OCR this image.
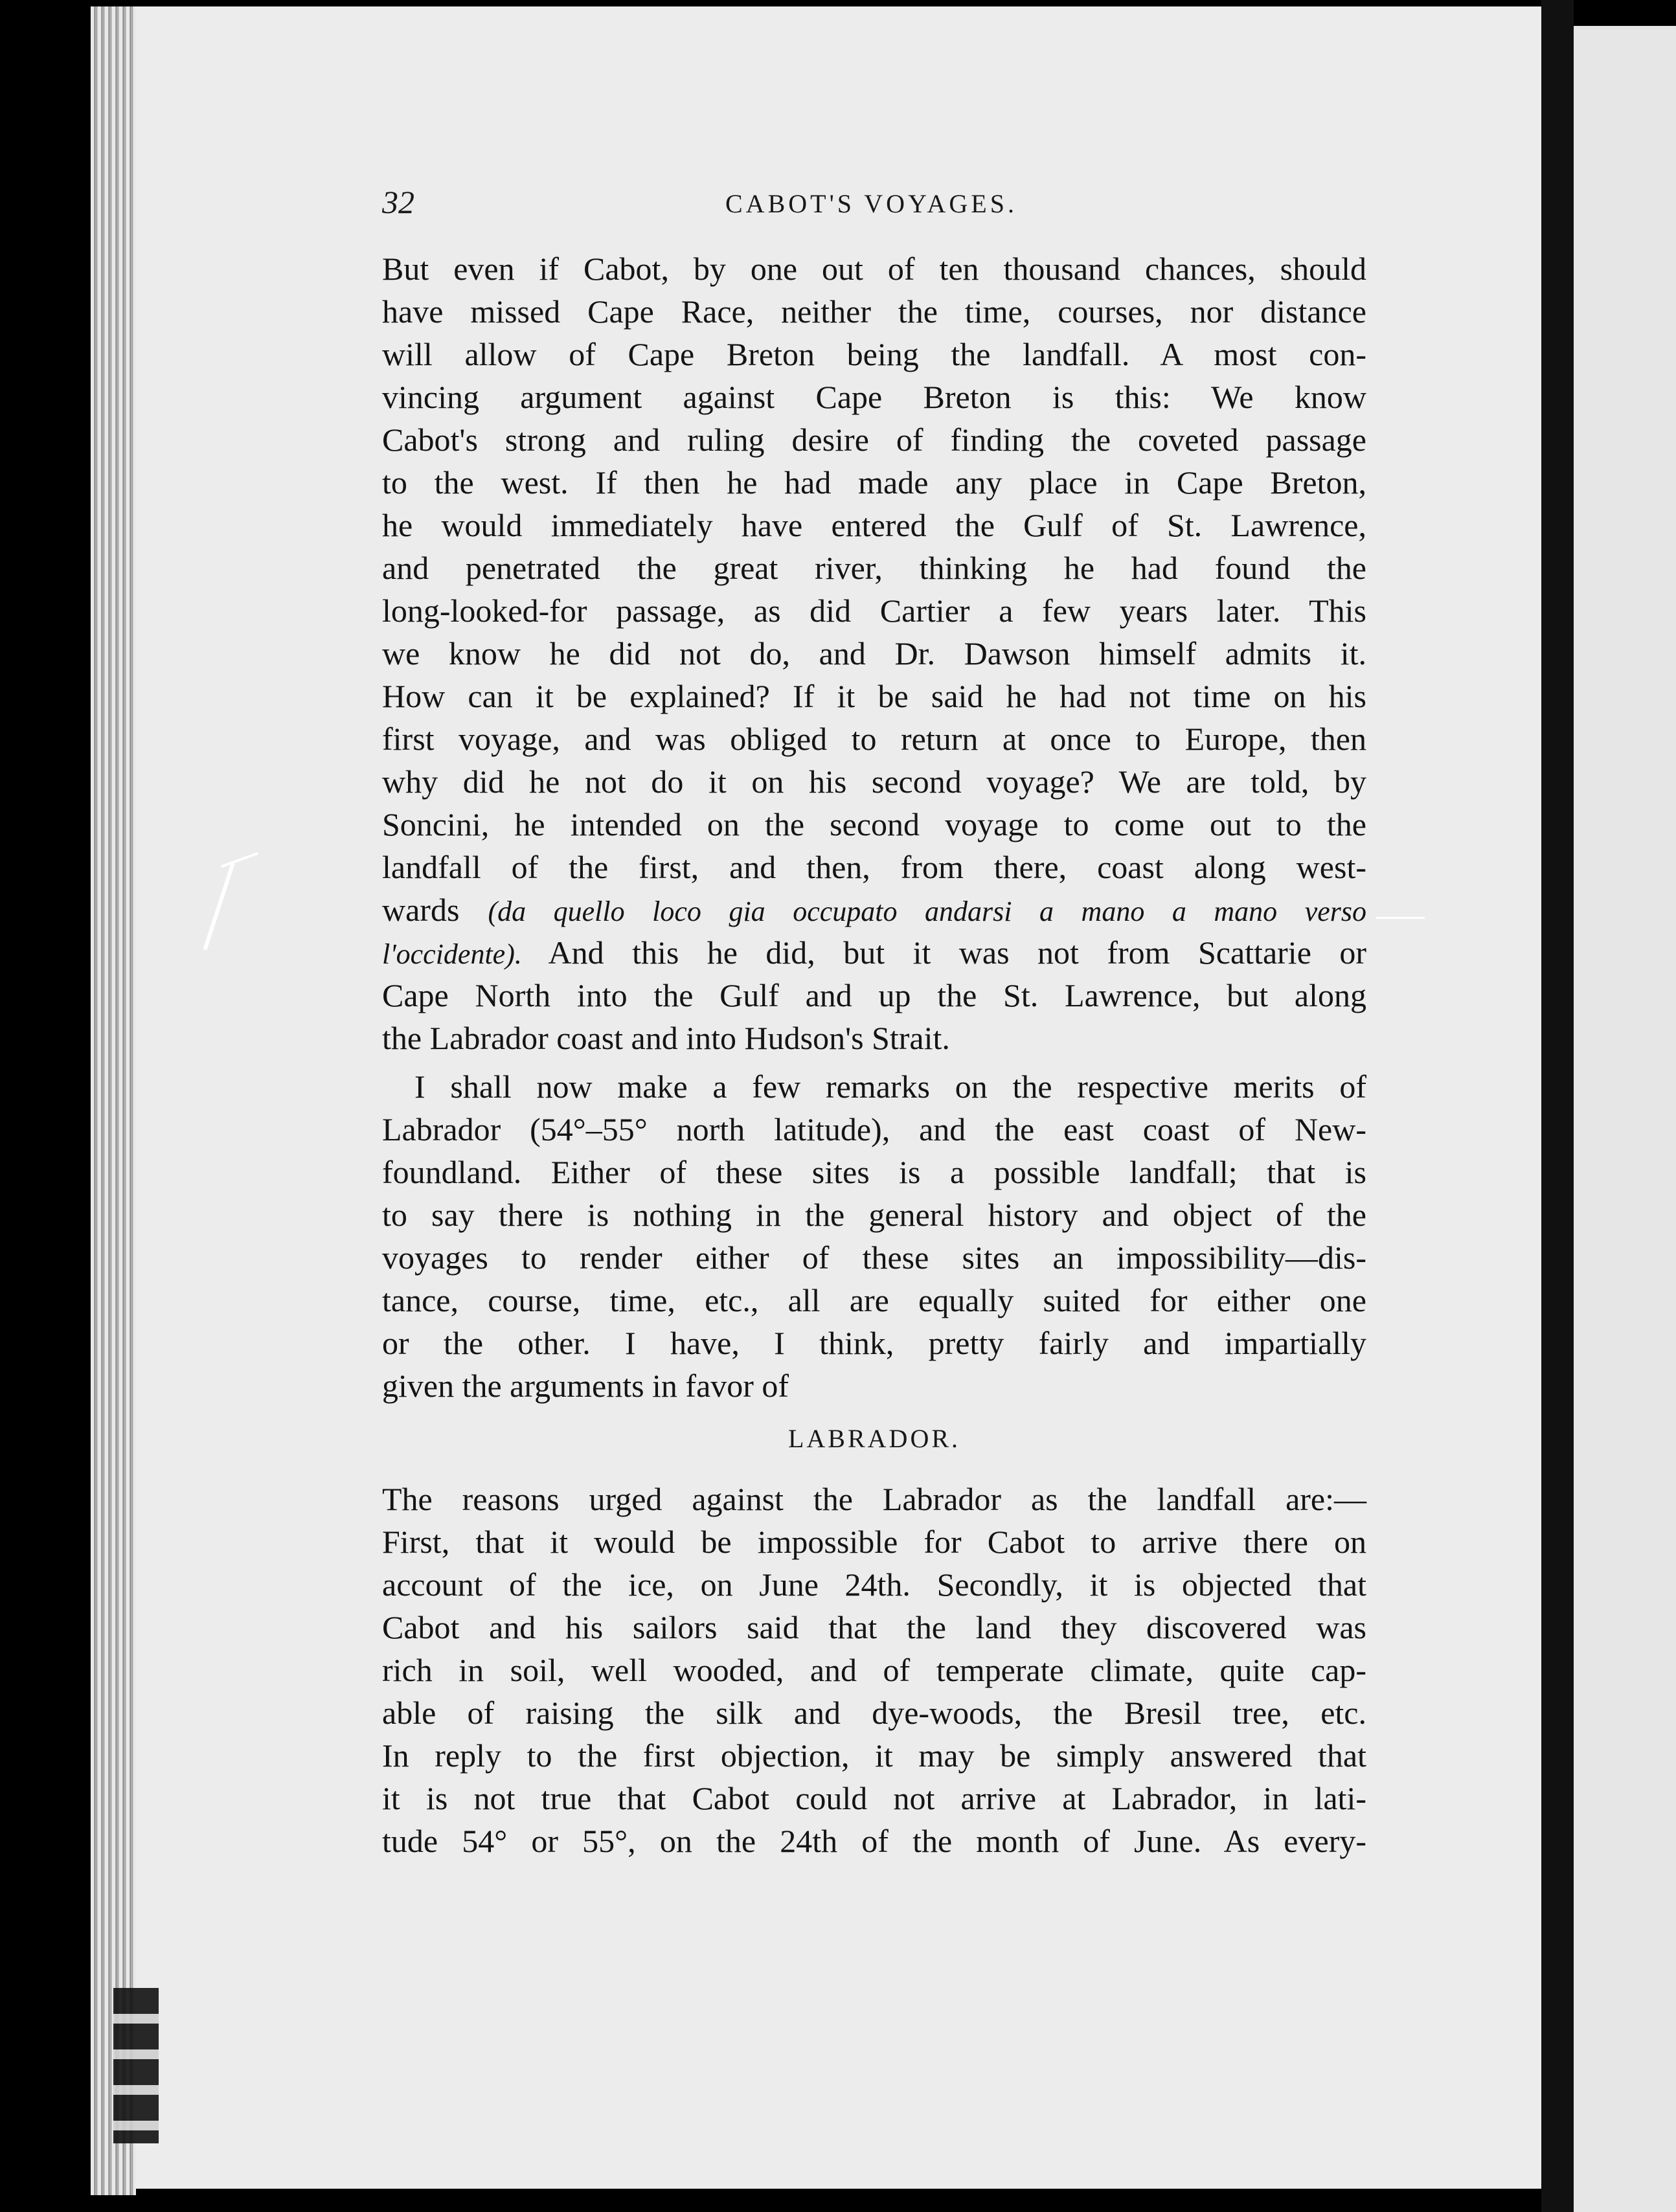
32	CABOT'S VOYAGES.
But even if Cabot, by one out of ten thousand chances, should
have missed Cape Race, neither the time, courses, nor distance
will allow of Cape Breton being the landfall. A most con-
vincing argument against Cape Breton is this: We know
Cabot's strong and ruling desire of finding the coveted passage
to the west. If then he had made any place in Cape Breton,
he would immediately have entered the Gulf of St. Lawrence,
and penetrated the great river, thinking he had found the
long-looked-for passage, as did Cartier a few years later. This
we know he did not do, and Dr. Dawson himself admits it.
How can it be explained? If it be said he had not time on his
first voyage, and was obliged to return at once to Europe, then
why did he not do it on his second voyage? We are told, by
Soncini, he intended on the second voyage to come out to the
landfall of the first, and then, from there, coast along west-
wards (da quello loco gia occupato andarsi a mano a mano verso
l'occidente). And this he did, but it was not from Scattarie or
Cape North into the Gulf and up the St. Lawrence, but along
the Labrador coast and into Hudson's Strait.
I shall now make a few remarks on the respective merits of
Labrador (54°–55° north latitude), and the east coast of New-
foundland. Either of these sites is a possible landfall; that is
to say there is nothing in the general history and object of the
voyages to render either of these sites an impossibility—dis-
tance, course, time, etc., all are equally suited for either one
or the other. I have, I think, pretty fairly and impartially
given the arguments in favor of
LABRADOR.
The reasons urged against the Labrador as the landfall are:—
First, that it would be impossible for Cabot to arrive there on
account of the ice, on June 24th. Secondly, it is objected that
Cabot and his sailors said that the land they discovered was
rich in soil, well wooded, and of temperate climate, quite cap-
able of raising the silk and dye-woods, the Bresil tree, etc.
In reply to the first objection, it may be simply answered that
it is not true that Cabot could not arrive at Labrador, in lati-
tude 54° or 55°, on the 24th of the month of June. As every-
